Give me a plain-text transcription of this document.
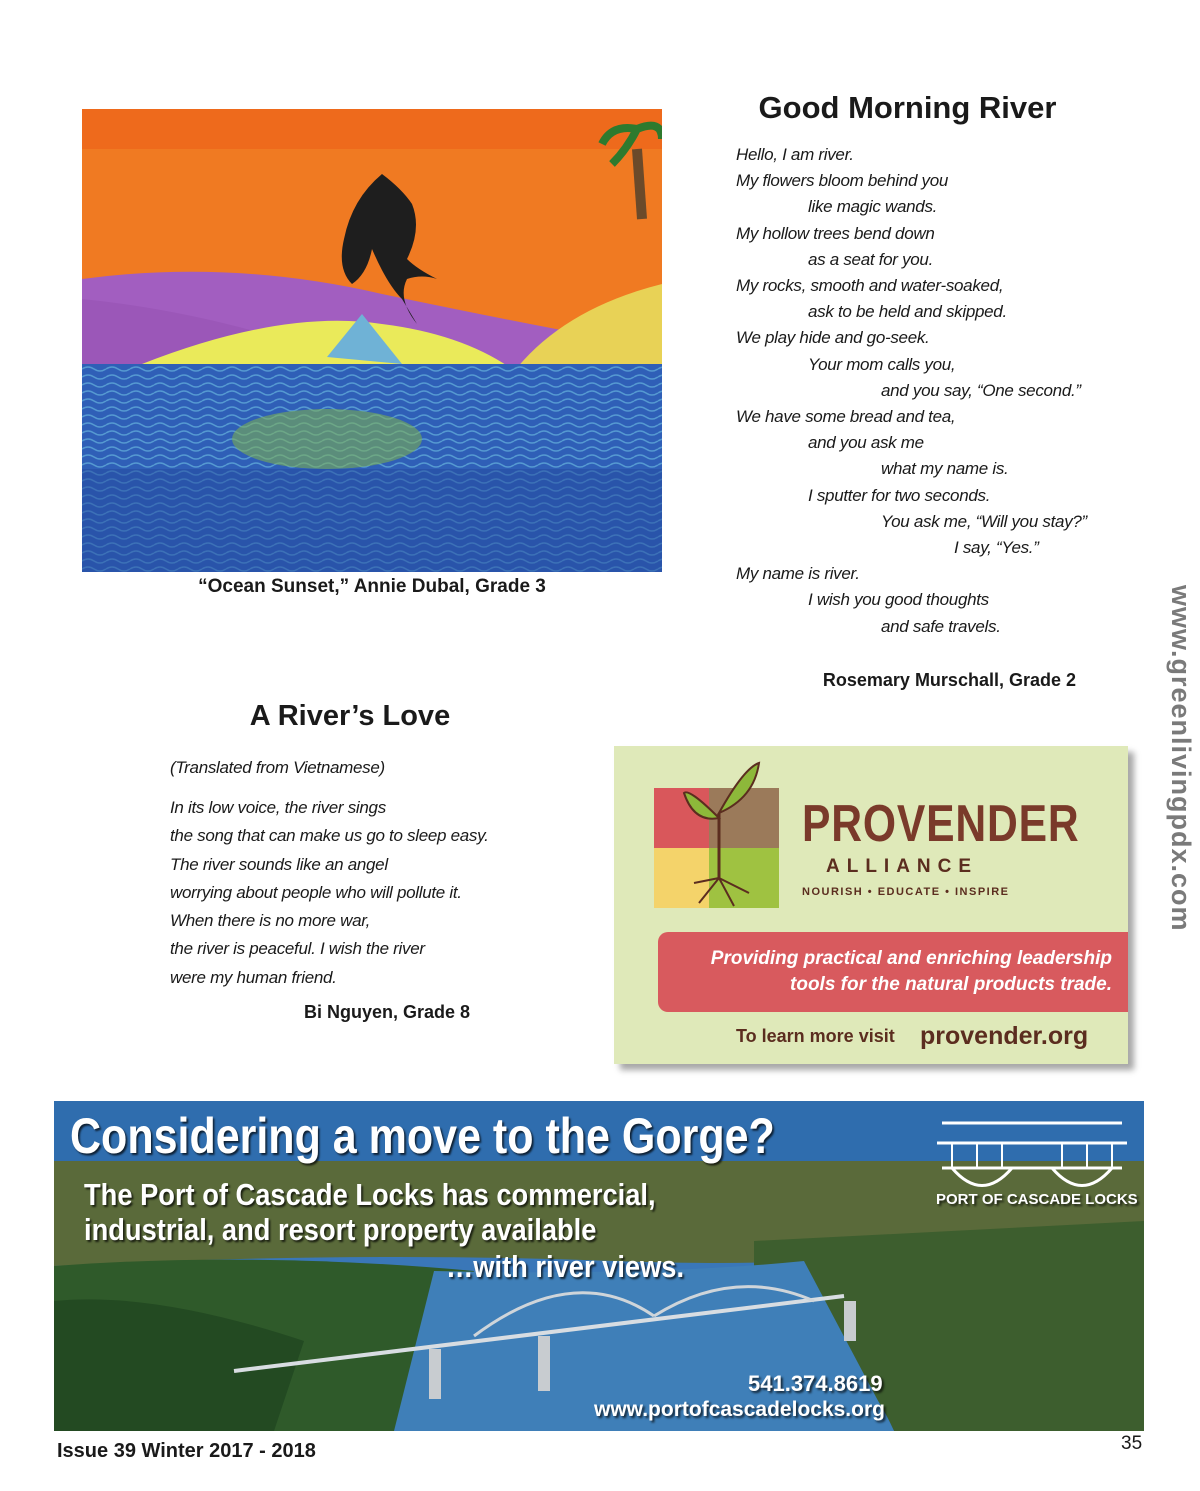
“Ocean Sunset,” Annie Dubal, Grade 3
Good Morning River
Hello, I am river.
My flowers bloom behind you
like magic wands.
My hollow trees bend down
as a seat for you.
My rocks, smooth and water-soaked,
ask to be held and skipped.
We play hide and go-seek.
Your mom calls you,
and you say, “One second.”
We have some bread and tea,
and you ask me
what my name is.
I sputter for two seconds.
You ask me, “Will you stay?”
I say, “Yes.”
My name is river.
I wish you good thoughts
and safe travels.
Rosemary Murschall, Grade 2
A River’s Love
(Translated from Vietnamese)
In its low voice, the river sings
the song that can make us go to sleep easy.
The river sounds like an angel
worrying about people who will pollute it.
When there is no more war,
the river is peaceful. I wish the river
were my human friend.
Bi Nguyen, Grade 8
www.greenlivingpdx.com
PROVENDER
ALLIANCE
NOURISH • EDUCATE • INSPIRE
Providing practical and enriching leadership
tools for the natural products trade.
To learn more visit provender.org
Considering a move to the Gorge?
The Port of Cascade Locks has commercial,
industrial, and resort property available
…with river views.
PORT OF CASCADE LOCKS
541.374.8619
www.portofcascadelocks.org
Issue 39 Winter 2017 - 2018	35
